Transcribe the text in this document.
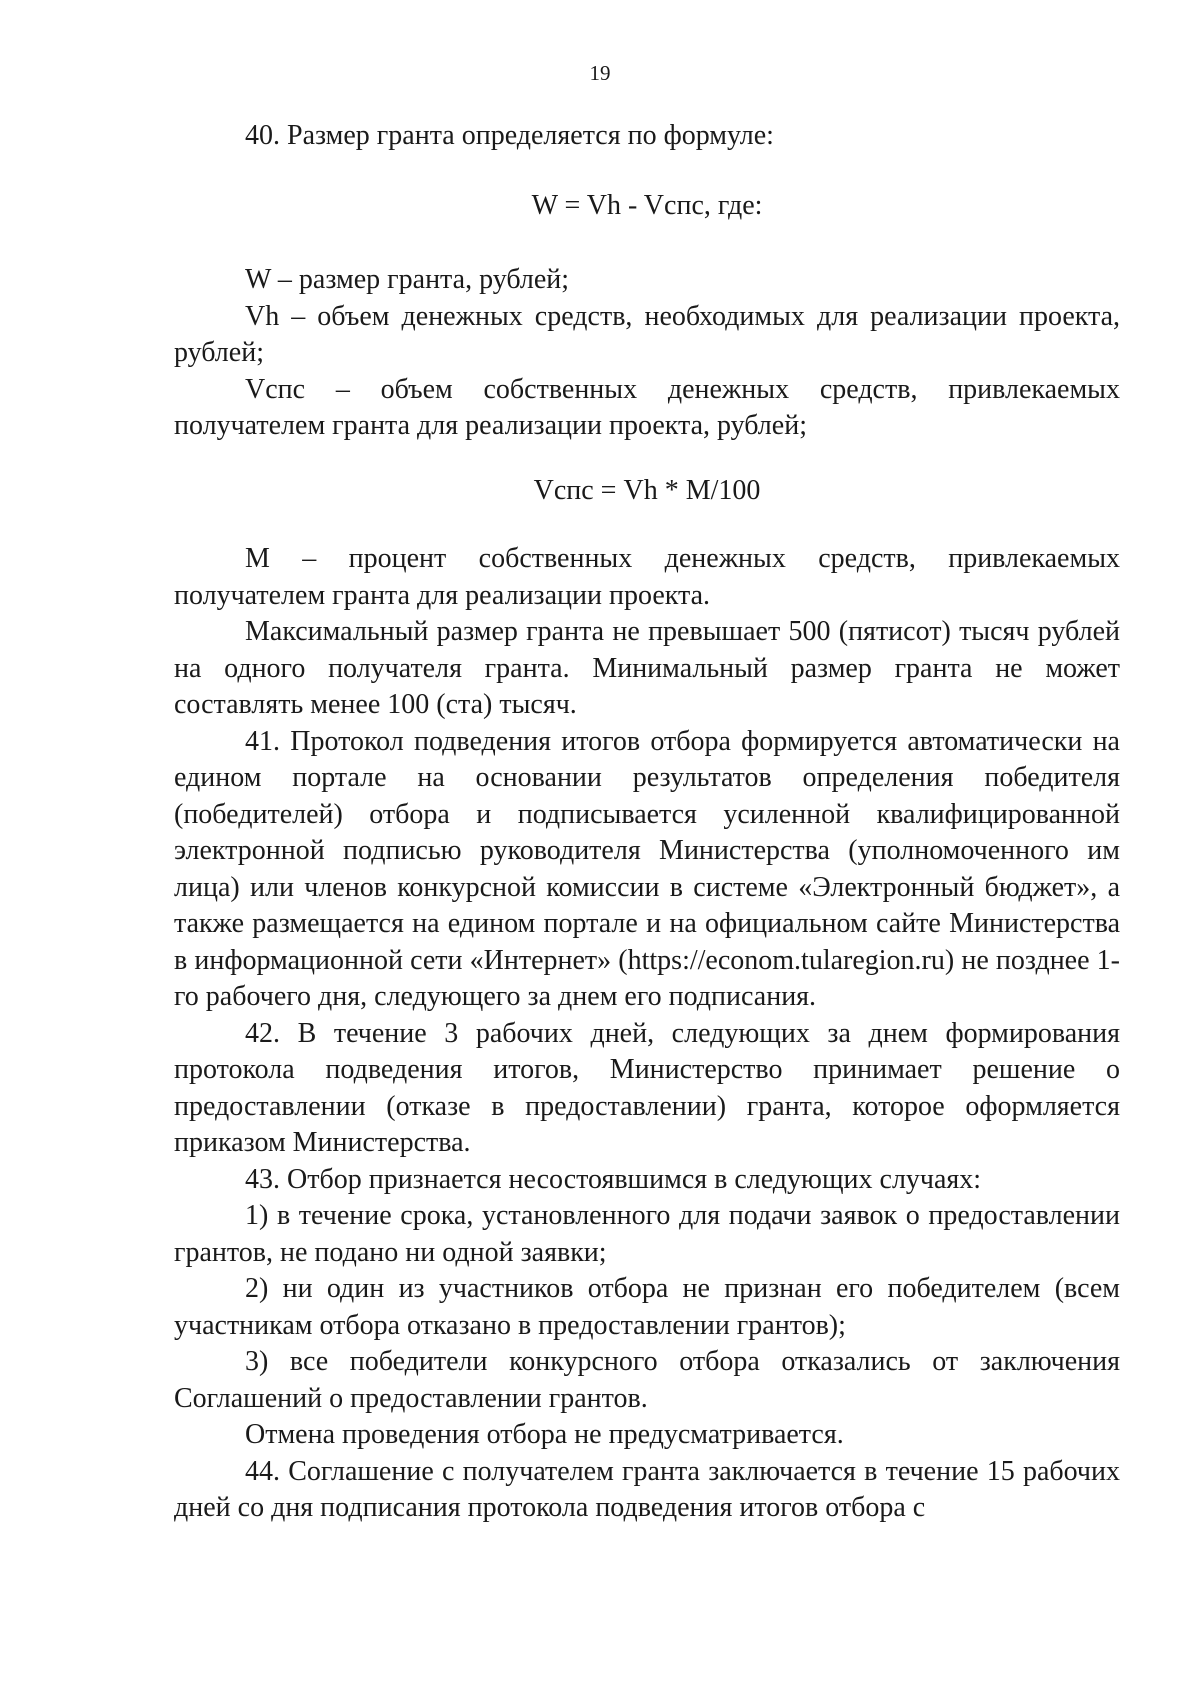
19

40. Размер гранта определяется по формуле:

W = Vh - Vспс, где:

W – размер гранта, рублей;

Vh – объем денежных средств, необходимых для реализации проекта, рублей;

Vспс – объем собственных денежных средств, привлекаемых получателем гранта для реализации проекта, рублей;

Vспс = Vh * M/100

М – процент собственных денежных средств, привлекаемых получателем гранта для реализации проекта.

Максимальный размер гранта не превышает 500 (пятисот) тысяч рублей на одного получателя гранта. Минимальный размер гранта не может составлять менее 100 (ста) тысяч.

41. Протокол подведения итогов отбора формируется автоматически на едином портале на основании результатов определения победителя (победителей) отбора и подписывается усиленной квалифицированной электронной подписью руководителя Министерства (уполномоченного им лица) или членов конкурсной комиссии в системе «Электронный бюджет», а также размещается на едином портале и на официальном сайте Министерства в информационной сети «Интернет» (https://econom.tularegion.ru) не позднее 1-го рабочего дня, следующего за днем его подписания.

42. В течение 3 рабочих дней, следующих за днем формирования протокола подведения итогов, Министерство принимает решение о предоставлении (отказе в предоставлении) гранта, которое оформляется приказом Министерства.

43. Отбор признается несостоявшимся в следующих случаях:

1) в течение срока, установленного для подачи заявок о предоставлении грантов, не подано ни одной заявки;

2) ни один из участников отбора не признан его победителем (всем участникам отбора отказано в предоставлении грантов);

3) все победители конкурсного отбора отказались от заключения Соглашений о предоставлении грантов.

Отмена проведения отбора не предусматривается.

44. Соглашение с получателем гранта заключается в течение 15 рабочих дней со дня подписания протокола подведения итогов отбора с
